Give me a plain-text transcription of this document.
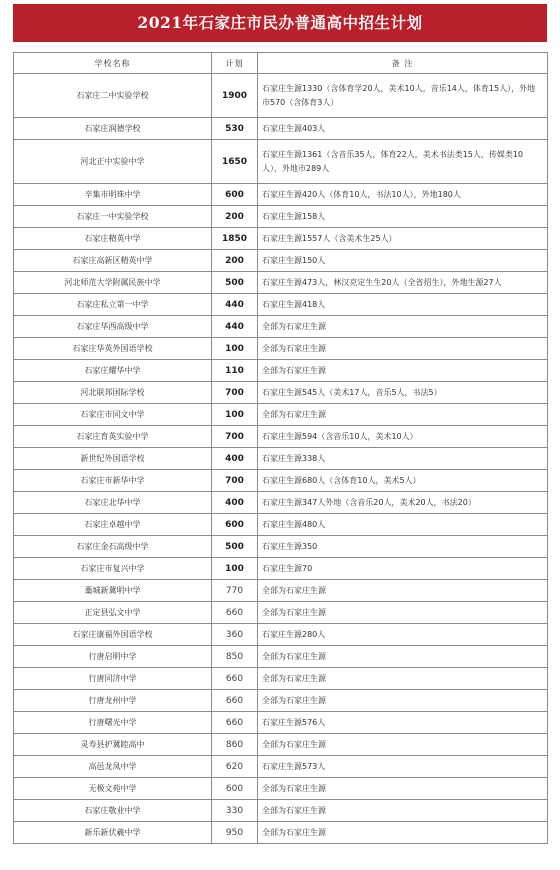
2021年石家庄市民办普通高中招生计划
学校名称	计划	备 注
石家庄二中实验学校	1900	石家庄生源1330（含体育学20人，美术10人，音乐14人，体育15人），外地市570（含体育3人）
石家庄润德学校	530	石家庄生源403人
河北正中实验中学	1650	石家庄生源1361（含音乐35人，体育22人，美术书法类15人，传媒类10人），外地市289人
辛集市明珠中学	600	石家庄生源420人（体育10人，书法10人），外地180人
石家庄一中实验学校	200	石家庄生源158人
石家庄精英中学	1850	石家庄生源1557人（含美术生25人）
石家庄高新区精英中学	200	石家庄生源150人
河北师范大学附属民族中学	500	石家庄生源473人，林汉克定生生20人（全省招生），外地生源27人
石家庄私立第一中学	440	石家庄生源418人
石家庄华西高级中学	440	全部为石家庄生源
石家庄华英外国语学校	100	全部为石家庄生源
石家庄耀华中学	110	全部为石家庄生源
河北联邦国际学校	700	石家庄生源545人（美术17人，音乐5人，书法5）
石家庄市同文中学	100	全部为石家庄生源
石家庄育英实验中学	700	石家庄生源594（含音乐10人，美术10人）
新世纪外国语学校	400	石家庄生源338人
石家庄市新华中学	700	石家庄生源680人（含体育10人，美术5人）
石家庄北华中学	400	石家庄生源347人外地（含音乐20人，美术20人，书法20）
石家庄卓越中学	600	石家庄生源480人
石家庄金石高级中学	500	石家庄生源350
石家庄市复兴中学	100	石家庄生源70
藁城新冀明中学	770	全部为石家庄生源
正定县弘文中学	660	全部为石家庄生源
石家庄康福外国语学校	360	石家庄生源280人
行唐启明中学	850	全部为石家庄生源
行唐同济中学	660	全部为石家庄生源
行唐龙州中学	660	全部为石家庄生源
行唐曙光中学	660	石家庄生源576人
灵寿县护冀睦高中	860	全部为石家庄生源
高邑龙凤中学	620	石家庄生源573人
无极文苑中学	600	全部为石家庄生源
石家庄敬业中学	330	全部为石家庄生源
新乐新伏羲中学	950	全部为石家庄生源
